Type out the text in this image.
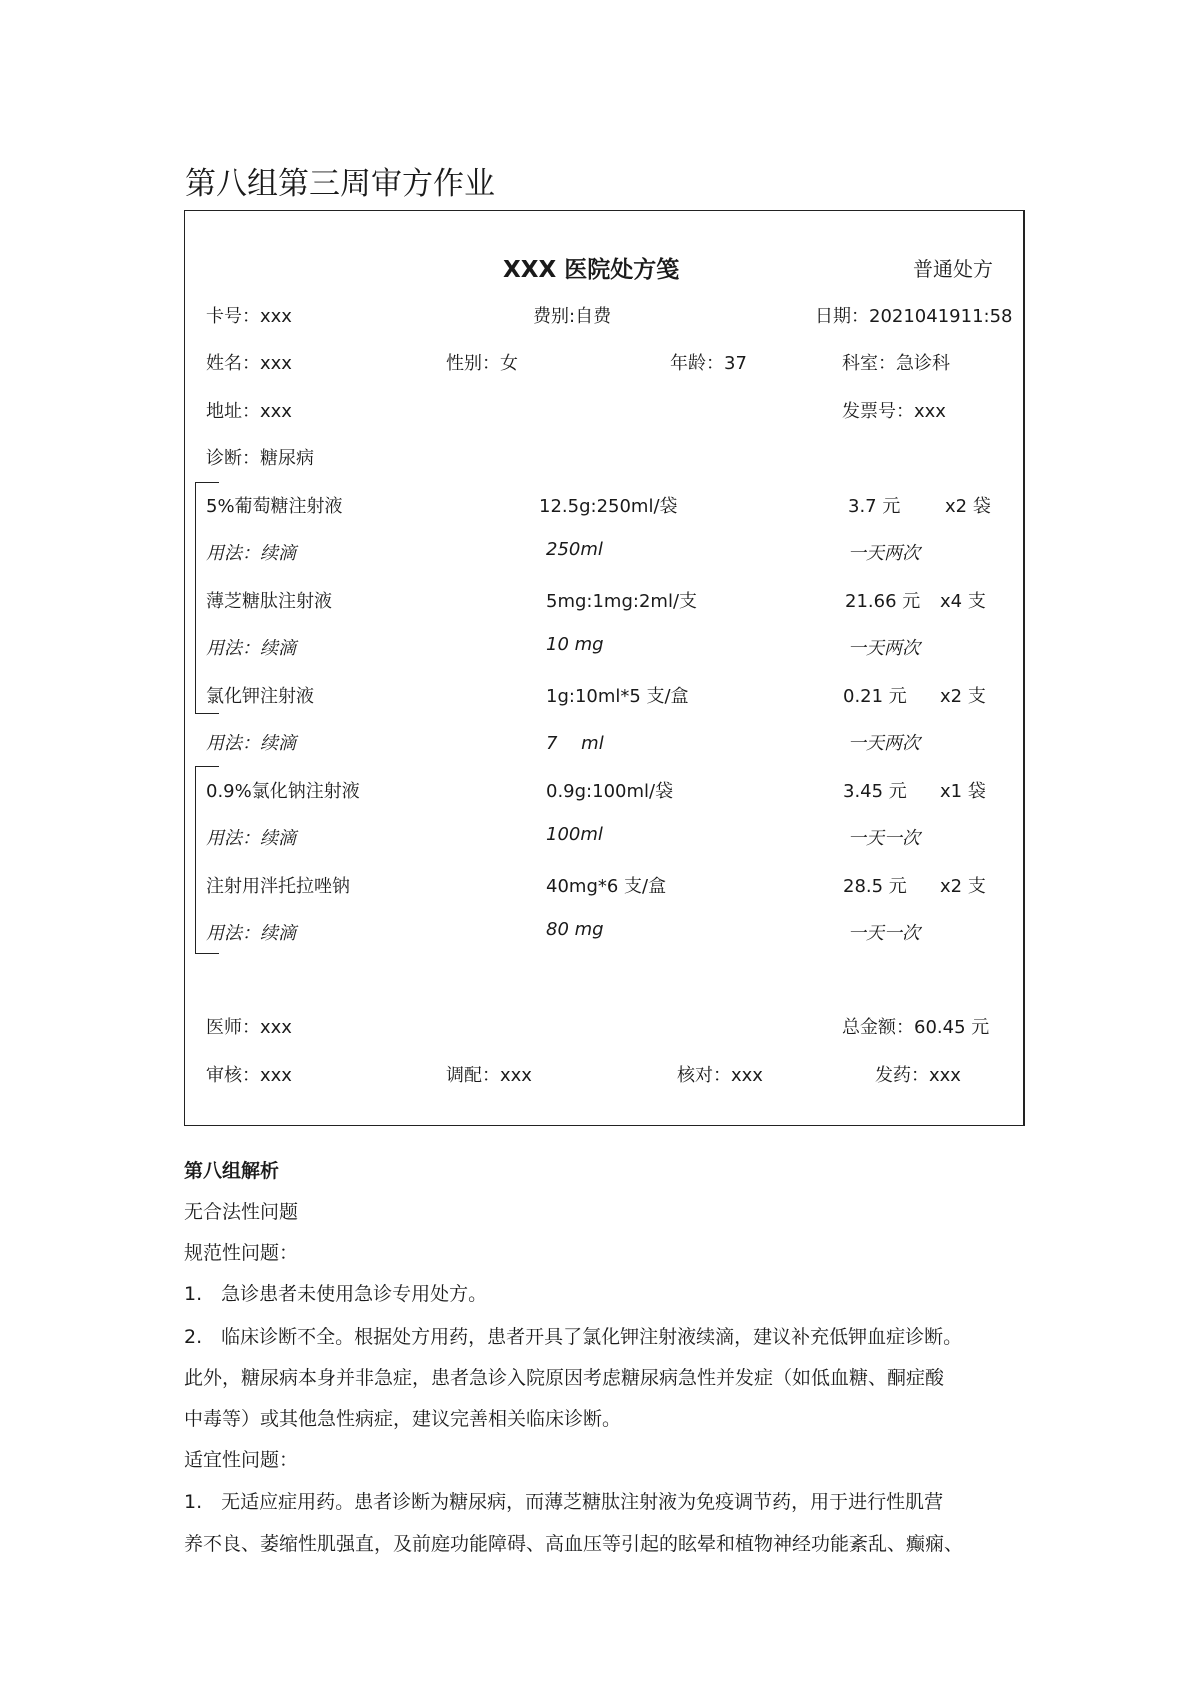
第八组第三周审方作业
XXX 医院处方笺	普通处方
卡号：xxx	费别:自费	日期：2021041911:58
姓名：xxx	性别：女	年龄：37	科室：急诊科
地址：xxx	发票号：xxx
诊断：糖尿病
5%葡萄糖注射液	12.5g:250ml/袋	3.7 元 x2 袋
用法：续滴	250ml	一天两次
薄芝糖肽注射液	5mg:1mg:2ml/支	21.66 元 x4 支
用法：续滴	10 mg	一天两次
氯化钾注射液	1g:10ml*5 支/盒	0.21 元 x2 支
用法：续滴	7　 ml	一天两次
0.9%氯化钠注射液	0.9g:100ml/袋	3.45 元 x1 袋
用法：续滴	100ml	一天一次
注射用泮托拉唑钠	40mg*6 支/盒	28.5 元 x2 支
用法：续滴	80 mg	一天一次
医师：xxx	总金额：60.45 元
审核：xxx	调配：xxx	核对：xxx	发药：xxx
第八组解析
无合法性问题
规范性问题：
1.　急诊患者未使用急诊专用处方。
2.　临床诊断不全。根据处方用药，患者开具了氯化钾注射液续滴，建议补充低钾血症诊断。
此外，糖尿病本身并非急症，患者急诊入院原因考虑糖尿病急性并发症（如低血糖、酮症酸
中毒等）或其他急性病症，建议完善相关临床诊断。
适宜性问题：
1.　无适应症用药。患者诊断为糖尿病，而薄芝糖肽注射液为免疫调节药，用于进行性肌营
养不良、萎缩性肌强直，及前庭功能障碍、高血压等引起的眩晕和植物神经功能紊乱、癫痫、
